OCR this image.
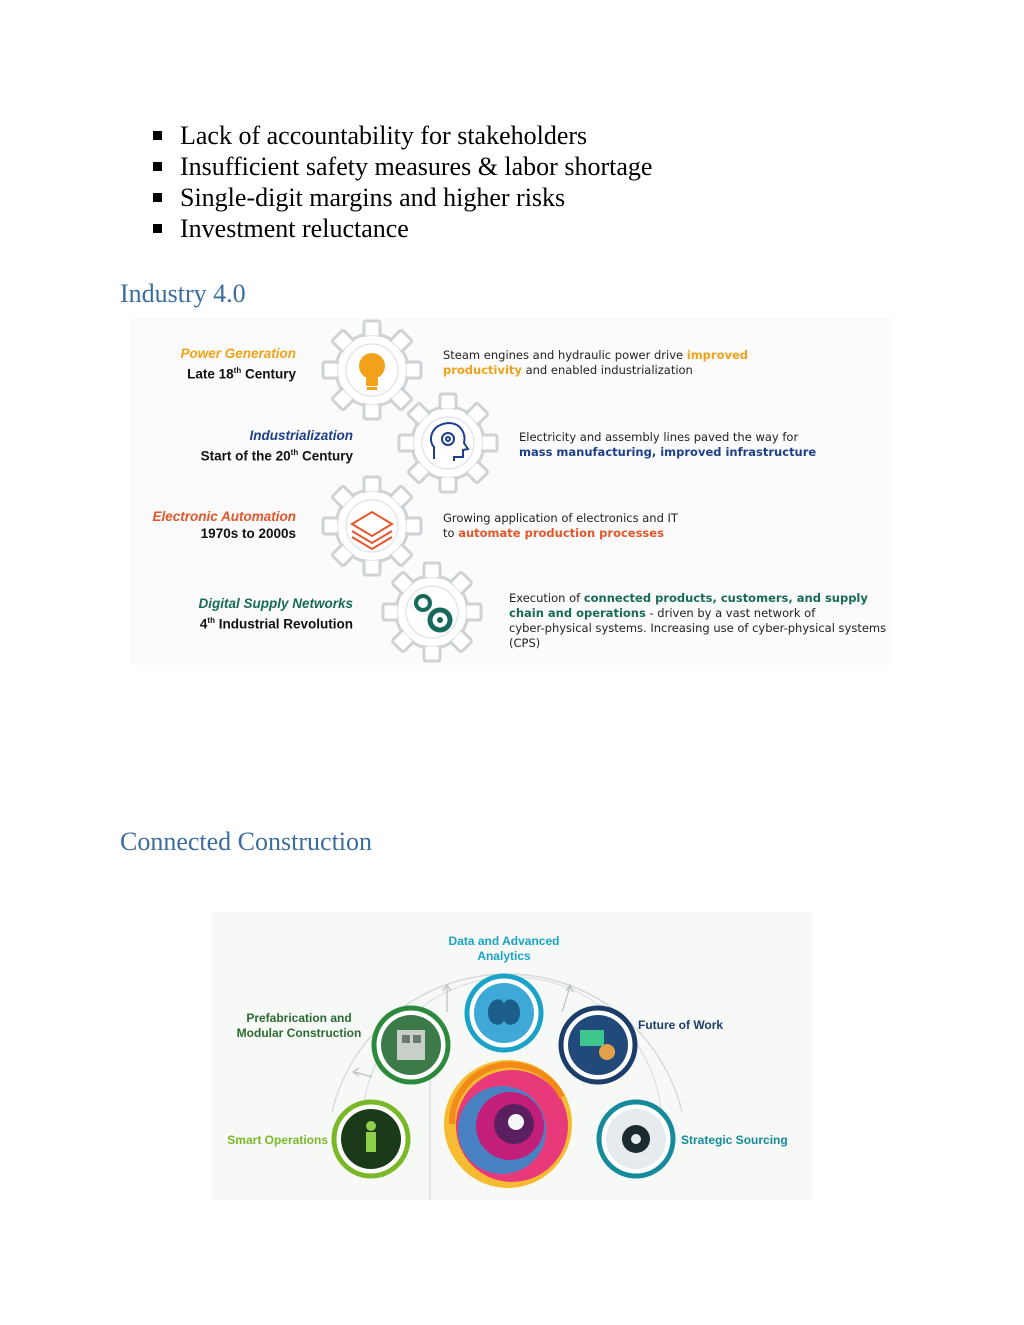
Lack of accountability for stakeholders
Insufficient safety measures & labor shortage
Single-digit margins and higher risks
Investment reluctance
Industry 4.0
Power Generation
Late 18th Century
Industrialization
Start of the 20th Century
Electronic Automation
1970s to 2000s
Digital Supply Networks
4th Industrial Revolution
Steam engines and hydraulic power drive improved
productivity and enabled industrialization
Electricity and assembly lines paved the way for
mass manufacturing, improved infrastructure
Growing application of electronics and IT
to automate production processes
Execution of connected products, customers, and supply
chain and operations - driven by a vast network of
cyber-physical systems. Increasing use of cyber-physical systems
(CPS)
Connected Construction
Data and Advanced Analytics
Prefabrication and Modular Construction
Future of Work
Smart Operations	Strategic Sourcing
